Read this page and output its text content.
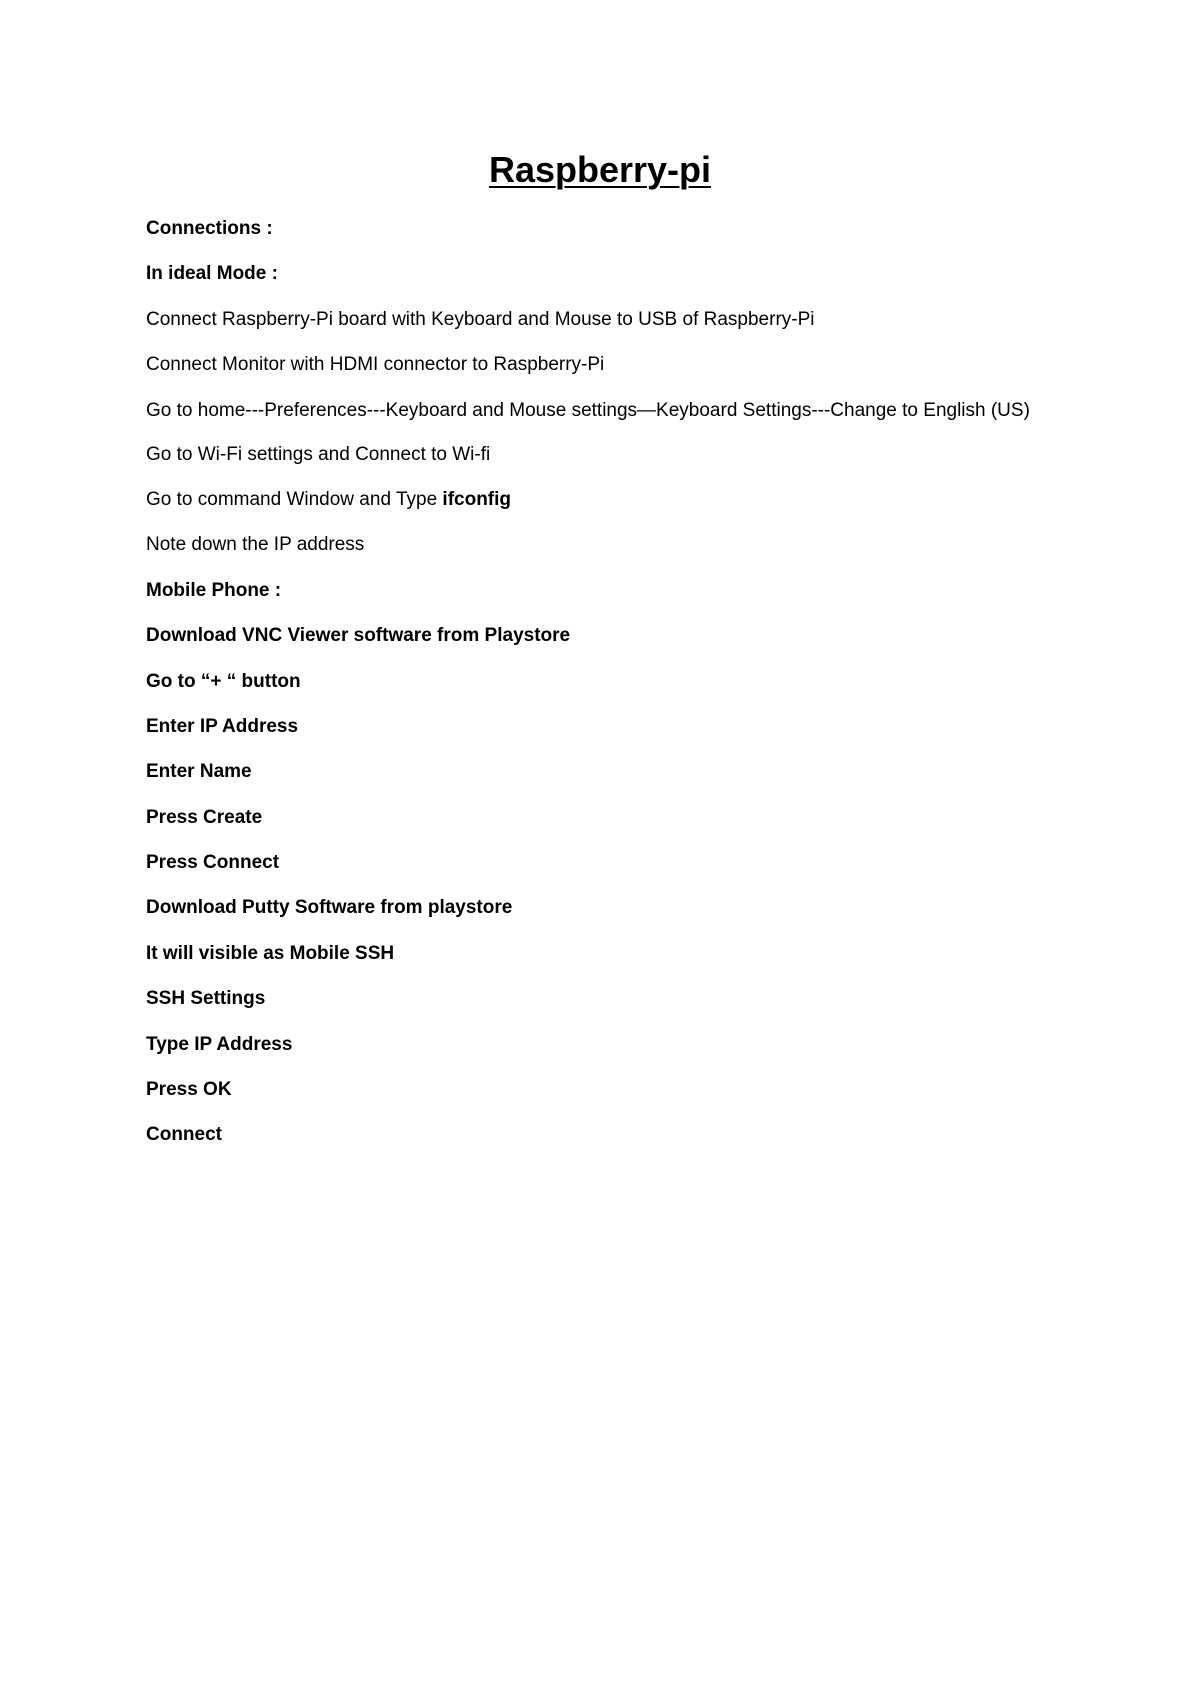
Raspberry-pi
Connections :
In ideal Mode :
Connect Raspberry-Pi board with Keyboard and Mouse to USB of Raspberry-Pi
Connect Monitor with HDMI connector to Raspberry-Pi
Go to home---Preferences---Keyboard and Mouse settings—Keyboard Settings---Change to English (US)
Go to Wi-Fi settings and Connect to Wi-fi
Go to command Window and Type ifconfig
Note down the IP address
Mobile Phone :
Download VNC Viewer software from Playstore
Go to “+ “ button
Enter IP Address
Enter Name
Press Create
Press Connect
Download Putty Software from playstore
It will visible as Mobile SSH
SSH Settings
Type IP Address
Press OK
Connect
